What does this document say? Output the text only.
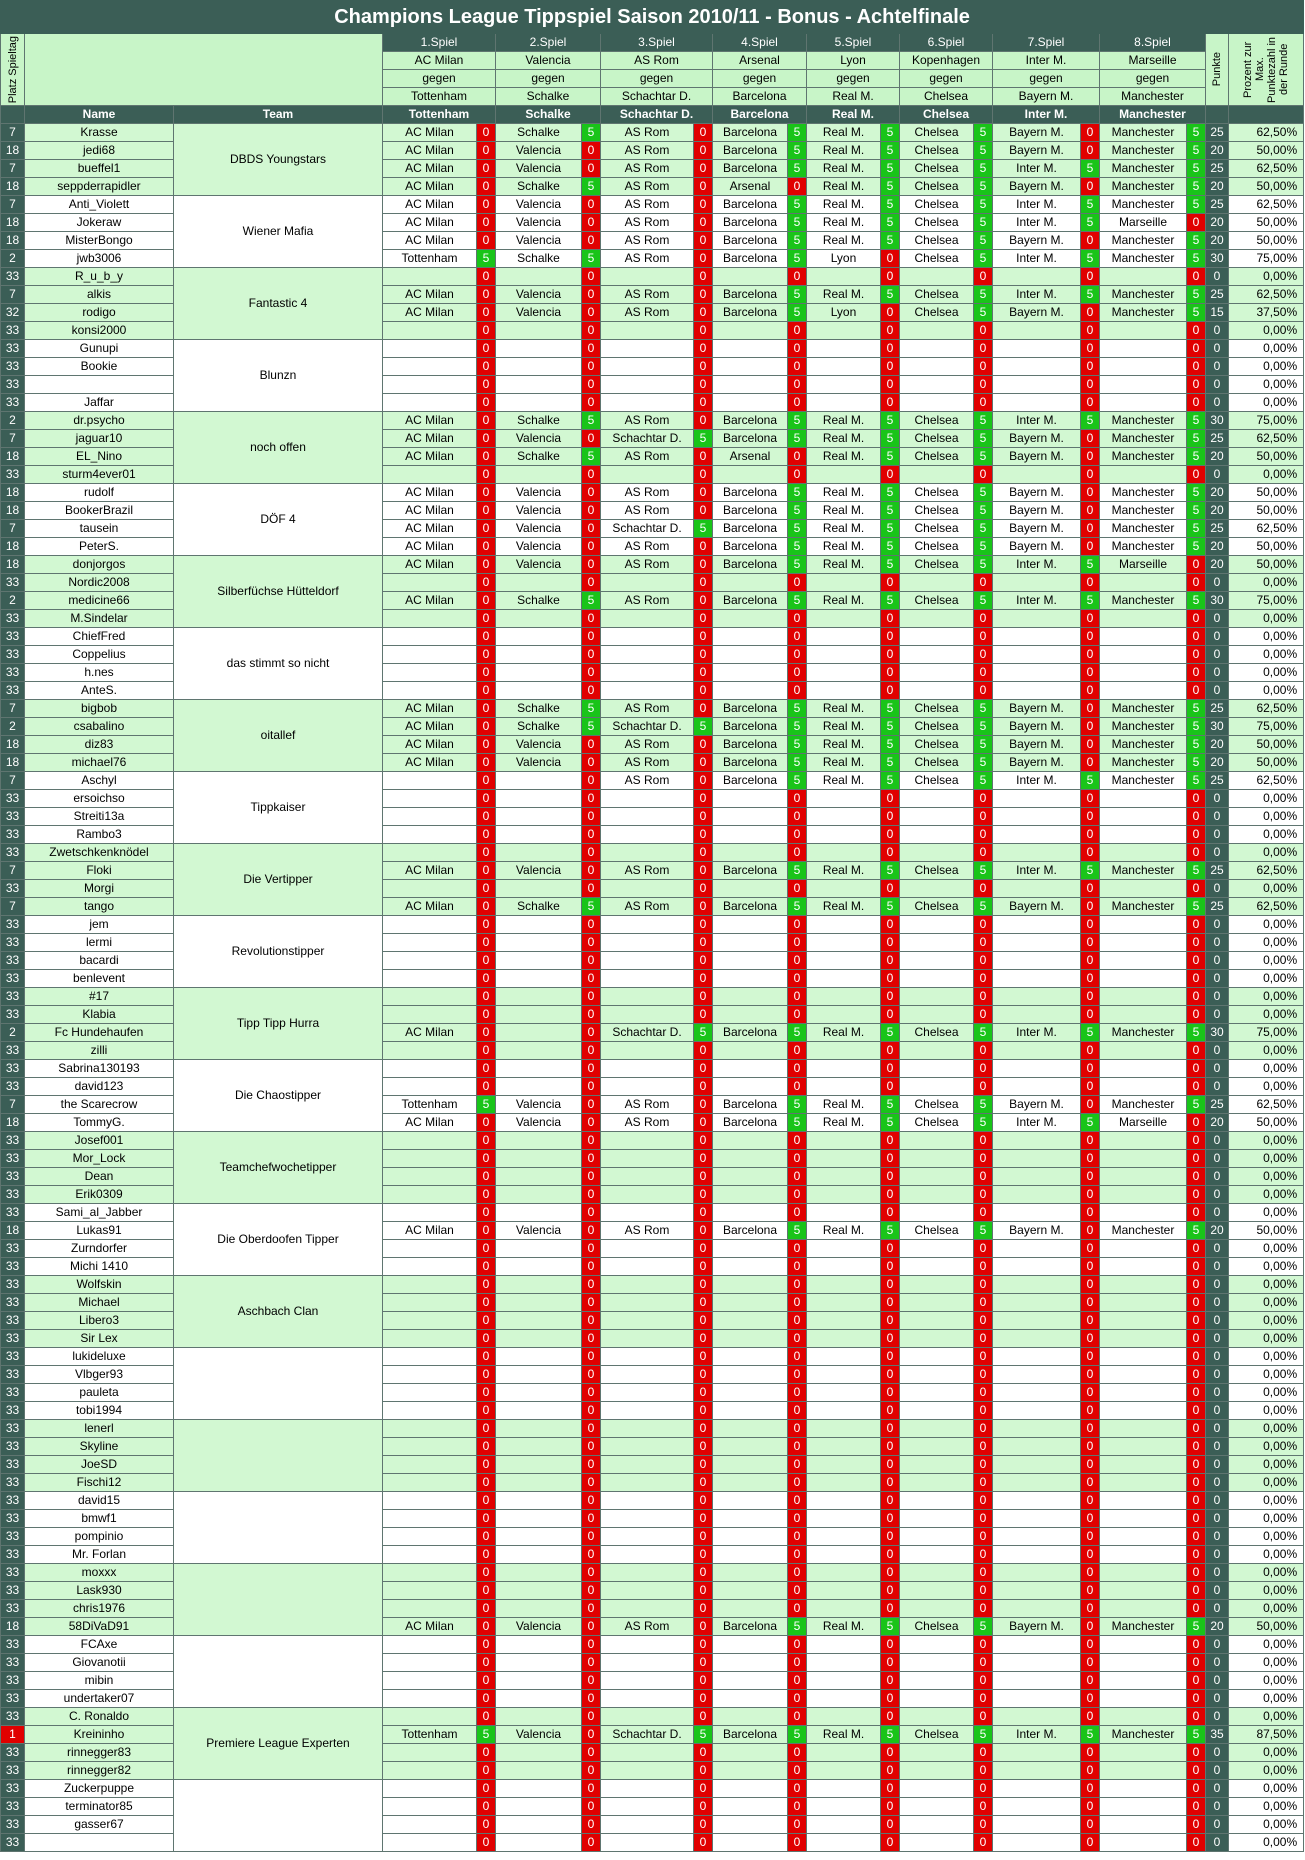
Champions League Tippspiel Saison 2010/11 - Bonus - Achtelfinale																				

Platz Spieltag			1.Spiel		2.Spiel		3.Spiel		4.Spiel		5.Spiel		6.Spiel		7.Spiel		8.Spiel		Punkte	Prozent zur Max. Punktezahl in der Runde

			AC Milan		Valencia		AS Rom		Arsenal		Lyon		Kopenhagen		Inter M.		Marseille			
			gegen		gegen		gegen		gegen		gegen		gegen		gegen		gegen			
			Tottenham		Schalke		Schachtar D.		Barcelona		Real M.		Chelsea		Bayern M.		Manchester			
	Name	Team	Tottenham		Schalke		Schachtar D.		Barcelona		Real M.		Chelsea		Inter M.		Manchester			
7	Krasse	DBDS Youngstars	AC Milan	0	Schalke	5	AS Rom	0	Barcelona	5	Real M.	5	Chelsea	5	Bayern M.	0	Manchester	5	25	62,50%
18	jedi68		AC Milan	0	Valencia	0	AS Rom	0	Barcelona	5	Real M.	5	Chelsea	5	Bayern M.	0	Manchester	5	20	50,00%
7	bueffel1		AC Milan	0	Valencia	0	AS Rom	0	Barcelona	5	Real M.	5	Chelsea	5	Inter M.	5	Manchester	5	25	62,50%
18	seppderrapidler		AC Milan	0	Schalke	5	AS Rom	0	Arsenal	0	Real M.	5	Chelsea	5	Bayern M.	0	Manchester	5	20	50,00%
7	Anti_Violett	Wiener Mafia	AC Milan	0	Valencia	0	AS Rom	0	Barcelona	5	Real M.	5	Chelsea	5	Inter M.	5	Manchester	5	25	62,50%
18	Jokeraw		AC Milan	0	Valencia	0	AS Rom	0	Barcelona	5	Real M.	5	Chelsea	5	Inter M.	5	Marseille	0	20	50,00%
18	MisterBongo		AC Milan	0	Valencia	0	AS Rom	0	Barcelona	5	Real M.	5	Chelsea	5	Bayern M.	0	Manchester	5	20	50,00%
2	jwb3006		Tottenham	5	Schalke	5	AS Rom	0	Barcelona	5	Lyon	0	Chelsea	5	Inter M.	5	Manchester	5	30	75,00%
33	R_u_b_y	Fantastic 4		0		0		0		0		0		0		0		0	0	0,00%
7	alkis		AC Milan	0	Valencia	0	AS Rom	0	Barcelona	5	Real M.	5	Chelsea	5	Inter M.	5	Manchester	5	25	62,50%
32	rodigo		AC Milan	0	Valencia	0	AS Rom	0	Barcelona	5	Lyon	0	Chelsea	5	Bayern M.	0	Manchester	5	15	37,50%
33	konsi2000			0		0		0		0		0		0		0		0	0	0,00%
33	Gunupi	Blunzn		0		0		0		0		0		0		0		0	0	0,00%
33	Bookie			0		0		0		0		0		0		0		0	0	0,00%
33				0		0		0		0		0		0		0		0	0	0,00%
33	Jaffar			0		0		0		0		0		0		0		0	0	0,00%
2	dr.psycho	noch offen	AC Milan	0	Schalke	5	AS Rom	0	Barcelona	5	Real M.	5	Chelsea	5	Inter M.	5	Manchester	5	30	75,00%
7	jaguar10		AC Milan	0	Valencia	0	Schachtar D.	5	Barcelona	5	Real M.	5	Chelsea	5	Bayern M.	0	Manchester	5	25	62,50%
18	EL_Nino		AC Milan	0	Schalke	5	AS Rom	0	Arsenal	0	Real M.	5	Chelsea	5	Bayern M.	0	Manchester	5	20	50,00%
33	sturm4ever01			0		0		0		0		0		0		0		0	0	0,00%
18	rudolf	DÖF 4	AC Milan	0	Valencia	0	AS Rom	0	Barcelona	5	Real M.	5	Chelsea	5	Bayern M.	0	Manchester	5	20	50,00%
18	BookerBrazil		AC Milan	0	Valencia	0	AS Rom	0	Barcelona	5	Real M.	5	Chelsea	5	Bayern M.	0	Manchester	5	20	50,00%
7	tausein		AC Milan	0	Valencia	0	Schachtar D.	5	Barcelona	5	Real M.	5	Chelsea	5	Bayern M.	0	Manchester	5	25	62,50%
18	PeterS.		AC Milan	0	Valencia	0	AS Rom	0	Barcelona	5	Real M.	5	Chelsea	5	Bayern M.	0	Manchester	5	20	50,00%
18	donjorgos	Silberfüchse Hütteldorf	AC Milan	0	Valencia	0	AS Rom	0	Barcelona	5	Real M.	5	Chelsea	5	Inter M.	5	Marseille	0	20	50,00%
33	Nordic2008			0		0		0		0		0		0		0		0	0	0,00%
2	medicine66		AC Milan	0	Schalke	5	AS Rom	0	Barcelona	5	Real M.	5	Chelsea	5	Inter M.	5	Manchester	5	30	75,00%
33	M.Sindelar			0		0		0		0		0		0		0		0	0	0,00%
33	ChiefFred	das stimmt so nicht		0		0		0		0		0		0		0		0	0	0,00%
33	Coppelius			0		0		0		0		0		0		0		0	0	0,00%
33	h.nes			0		0		0		0		0		0		0		0	0	0,00%
33	AnteS.			0		0		0		0		0		0		0		0	0	0,00%
7	bigbob	oitallef	AC Milan	0	Schalke	5	AS Rom	0	Barcelona	5	Real M.	5	Chelsea	5	Bayern M.	0	Manchester	5	25	62,50%
2	csabalino		AC Milan	0	Schalke	5	Schachtar D.	5	Barcelona	5	Real M.	5	Chelsea	5	Bayern M.	0	Manchester	5	30	75,00%
18	diz83		AC Milan	0	Valencia	0	AS Rom	0	Barcelona	5	Real M.	5	Chelsea	5	Bayern M.	0	Manchester	5	20	50,00%
18	michael76		AC Milan	0	Valencia	0	AS Rom	0	Barcelona	5	Real M.	5	Chelsea	5	Bayern M.	0	Manchester	5	20	50,00%
7	Aschyl	Tippkaiser		0		0	AS Rom	0	Barcelona	5	Real M.	5	Chelsea	5	Inter M.	5	Manchester	5	25	62,50%
33	ersoichso			0		0		0		0		0		0		0		0	0	0,00%
33	Streiti13a			0		0		0		0		0		0		0		0	0	0,00%
33	Rambo3			0		0		0		0		0		0		0		0	0	0,00%
33	Zwetschkenknödel	Die Vertipper		0		0		0		0		0		0		0		0	0	0,00%
7	Floki		AC Milan	0	Valencia	0	AS Rom	0	Barcelona	5	Real M.	5	Chelsea	5	Inter M.	5	Manchester	5	25	62,50%
33	Morgi			0		0		0		0		0		0		0		0	0	0,00%
7	tango		AC Milan	0	Schalke	5	AS Rom	0	Barcelona	5	Real M.	5	Chelsea	5	Bayern M.	0	Manchester	5	25	62,50%
33	jem	Revolutionstipper		0		0		0		0		0		0		0		0	0	0,00%
33	lermi			0		0		0		0		0		0		0		0	0	0,00%
33	bacardi			0		0		0		0		0		0		0		0	0	0,00%
33	benlevent			0		0		0		0		0		0		0		0	0	0,00%
33	#17	Tipp Tipp Hurra		0		0		0		0		0		0		0		0	0	0,00%
33	Klabia			0		0		0		0		0		0		0		0	0	0,00%
2	Fc Hundehaufen		AC Milan	0		0	Schachtar D.	5	Barcelona	5	Real M.	5	Chelsea	5	Inter M.	5	Manchester	5	30	75,00%
33	zilli			0		0		0		0		0		0		0		0	0	0,00%
33	Sabrina130193	Die Chaostipper		0		0		0		0		0		0		0		0	0	0,00%
33	david123			0		0		0		0		0		0		0		0	0	0,00%
7	the Scarecrow		Tottenham	5	Valencia	0	AS Rom	0	Barcelona	5	Real M.	5	Chelsea	5	Bayern M.	0	Manchester	5	25	62,50%
18	TommyG.		AC Milan	0	Valencia	0	AS Rom	0	Barcelona	5	Real M.	5	Chelsea	5	Inter M.	5	Marseille	0	20	50,00%
33	Josef001	Teamchefwochetipper		0		0		0		0		0		0		0		0	0	0,00%
33	Mor_Lock			0		0		0		0		0		0		0		0	0	0,00%
33	Dean			0		0		0		0		0		0		0		0	0	0,00%
33	Erik0309			0		0		0		0		0		0		0		0	0	0,00%
33	Sami_al_Jabber	Die Oberdoofen Tipper		0		0		0		0		0		0		0		0	0	0,00%
18	Lukas91		AC Milan	0	Valencia	0	AS Rom	0	Barcelona	5	Real M.	5	Chelsea	5	Bayern M.	0	Manchester	5	20	50,00%
33	Zurndorfer			0		0		0		0		0		0		0		0	0	0,00%
33	Michi 1410			0		0		0		0		0		0		0		0	0	0,00%
33	Wolfskin	Aschbach Clan		0		0		0		0		0		0		0		0	0	0,00%
33	Michael			0		0		0		0		0		0		0		0	0	0,00%
33	Libero3			0		0		0		0		0		0		0		0	0	0,00%
33	Sir Lex			0		0		0		0		0		0		0		0	0	0,00%
33	lukideluxe			0		0		0		0		0		0		0		0	0	0,00%
33	Vlbger93			0		0		0		0		0		0		0		0	0	0,00%
33	pauleta			0		0		0		0		0		0		0		0	0	0,00%
33	tobi1994			0		0		0		0		0		0		0		0	0	0,00%
33	lenerl			0		0		0		0		0		0		0		0	0	0,00%
33	Skyline			0		0		0		0		0		0		0		0	0	0,00%
33	JoeSD			0		0		0		0		0		0		0		0	0	0,00%
33	Fischi12			0		0		0		0		0		0		0		0	0	0,00%
33	david15			0		0		0		0		0		0		0		0	0	0,00%
33	bmwf1			0		0		0		0		0		0		0		0	0	0,00%
33	pompinio			0		0		0		0		0		0		0		0	0	0,00%
33	Mr. Forlan			0		0		0		0		0		0		0		0	0	0,00%
33	moxxx			0		0		0		0		0		0		0		0	0	0,00%
33	Lask930			0		0		0		0		0		0		0		0	0	0,00%
33	chris1976			0		0		0		0		0		0		0		0	0	0,00%
18	58DiVaD91		AC Milan	0	Valencia	0	AS Rom	0	Barcelona	5	Real M.	5	Chelsea	5	Bayern M.	0	Manchester	5	20	50,00%
33	FCAxe			0		0		0		0		0		0		0		0	0	0,00%
33	Giovanotii			0		0		0		0		0		0		0		0	0	0,00%
33	mibin			0		0		0		0		0		0		0		0	0	0,00%
33	undertaker07			0		0		0		0		0		0		0		0	0	0,00%
33	C. Ronaldo	Premiere League Experten		0		0		0		0		0		0		0		0	0	0,00%
1	Kreininho		Tottenham	5	Valencia	0	Schachtar D.	5	Barcelona	5	Real M.	5	Chelsea	5	Inter M.	5	Manchester	5	35	87,50%
33	rinnegger83			0		0		0		0		0		0		0		0	0	0,00%
33	rinnegger82			0		0		0		0		0		0		0		0	0	0,00%
33	Zuckerpuppe			0		0		0		0		0		0		0		0	0	0,00%
33	terminator85			0		0		0		0		0		0		0		0	0	0,00%
33	gasser67			0		0		0		0		0		0		0		0	0	0,00%
33				0		0		0		0		0		0		0		0	0	0,00%
